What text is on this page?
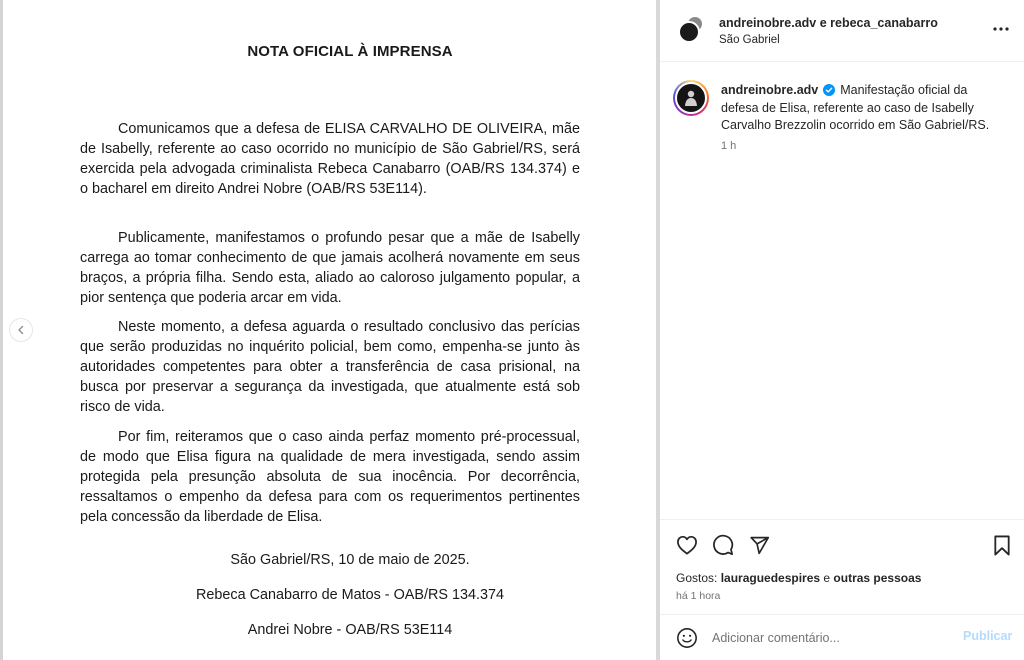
NOTA OFICIAL À IMPRENSA

Comunicamos que a defesa de ELISA CARVALHO DE OLIVEIRA, mãe de Isabelly, referente ao caso ocorrido no município de São Gabriel/RS, será exercida pela advogada criminalista Rebeca Canabarro (OAB/RS 134.374) e o bacharel em direito Andrei Nobre (OAB/RS 53E114).

Publicamente, manifestamos o profundo pesar que a mãe de Isabelly carrega ao tomar conhecimento de que jamais acolherá novamente em seus braços, a própria filha. Sendo esta, aliado ao caloroso julgamento popular, a pior sentença que poderia arcar em vida.

Neste momento, a defesa aguarda o resultado conclusivo das perícias que serão produzidas no inquérito policial, bem como, empenha-se junto às autoridades competentes para obter a transferência de casa prisional, na busca por preservar a segurança da investigada, que atualmente está sob risco de vida.

Por fim, reiteramos que o caso ainda perfaz momento pré-processual, de modo que Elisa figura na qualidade de mera investigada, sendo assim protegida pela presunção absoluta de sua inocência. Por decorrência, ressaltamos o empenho da defesa para com os requerimentos pertinentes pela concessão da liberdade de Elisa.

São Gabriel/RS, 10 de maio de 2025.
Rebeca Canabarro de Matos - OAB/RS 134.374
Andrei Nobre - OAB/RS 53E114
andreinobre.adv e rebeca_canabarro
São Gabriel
andreinobre.adv Manifestação oficial da defesa de Elisa, referente ao caso de Isabelly Carvalho Brezzolin ocorrido em São Gabriel/RS.
1 h
Gostos: lauraguedespires e outras pessoas
há 1 hora
Adicionar comentário...
Publicar
